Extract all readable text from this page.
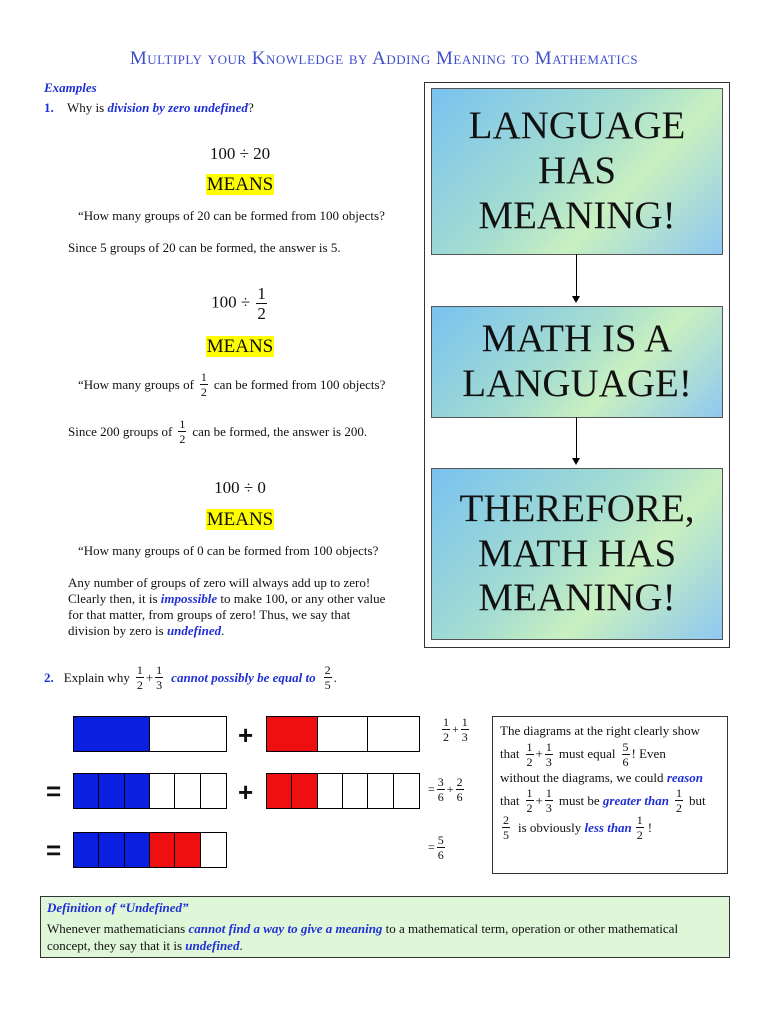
Multiply your Knowledge by Adding Meaning to Mathematics
Examples
1. Why is division by zero undefined?
100 ÷ 20
MEANS
“How many groups of 20 can be formed from 100 objects?
Since 5 groups of 20 can be formed, the answer is 5.
$100 \div \frac{1}{2}$
MEANS
“How many groups of $\frac{1}{2}$ can be formed from 100 objects?
Since 200 groups of $\frac{1}{2}$ can be formed, the answer is 200.
100 ÷ 0
MEANS
“How many groups of 0 can be formed from 100 objects?
Any number of groups of zero will always add up to zero!
Clearly then, it is impossible to make 100, or any other value
for that matter, from groups of zero! Thus, we say that
division by zero is undefined.
LANGUAGE
HAS
MEANING!
MATH IS A
LANGUAGE!
THEREFORE,
MATH HAS
MEANING!
2. Explain why $\frac{1}{2} + \frac{1}{3}$ cannot possibly be equal to $\frac{2}{5}$ .
+	$\frac{1}{2} + \frac{1}{3}$
=	+	= $\frac{3}{6} + \frac{2}{6}$
=	= $\frac{5}{6}$
The diagrams at the right clearly show
that $\frac{1}{2} + \frac{1}{3}$ must equal $\frac{5}{6}$ ! Even
without the diagrams, we could reason
that $\frac{1}{2} + \frac{1}{3}$ must be greater than $\frac{1}{2}$ but
$\frac{2}{5}$ is obviously less than $\frac{1}{2}$ !
Definition of “Undefined”
Whenever mathematicians cannot find a way to give a meaning to a mathematical term, operation or other mathematical
concept, they say that it is undefined.
